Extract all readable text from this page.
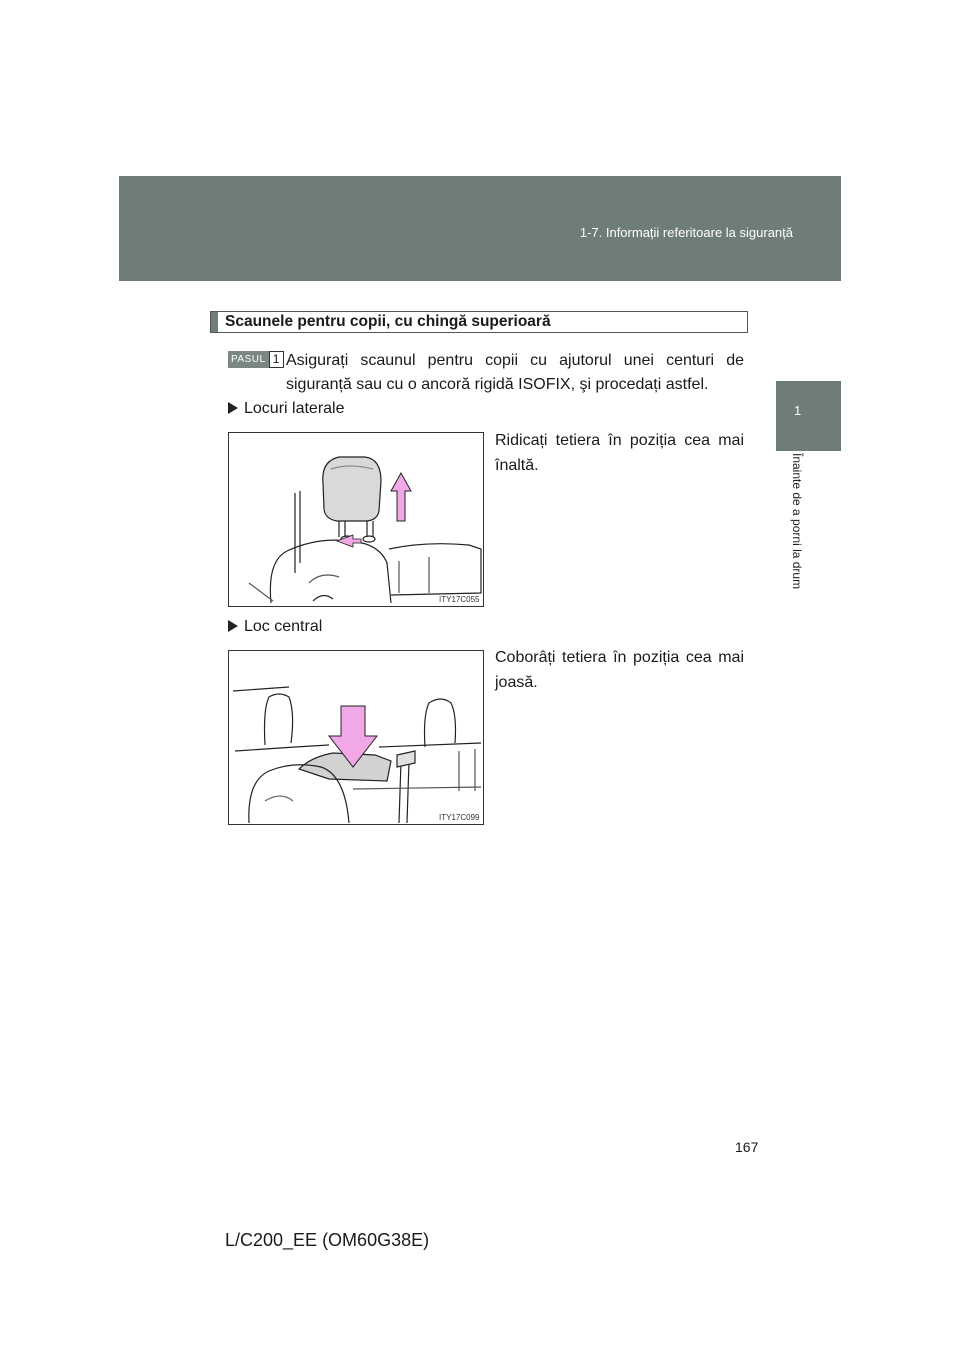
1-7. Informații referitoare la siguranță
1
Înainte de a porni la drum
Scaunele pentru copii, cu chingă superioară
PASUL 1 Asigurați scaunul pentru copii cu ajutorul unei centuri de siguranță sau cu o ancoră rigidă ISOFIX, şi procedați astfel.
Locuri laterale
Ridicați tetiera în poziția cea mai înaltă.
ITY17C055
Loc central
Coborâți tetiera în poziția cea mai joasă.
ITY17C099
167
L/C200_EE (OM60G38E)
